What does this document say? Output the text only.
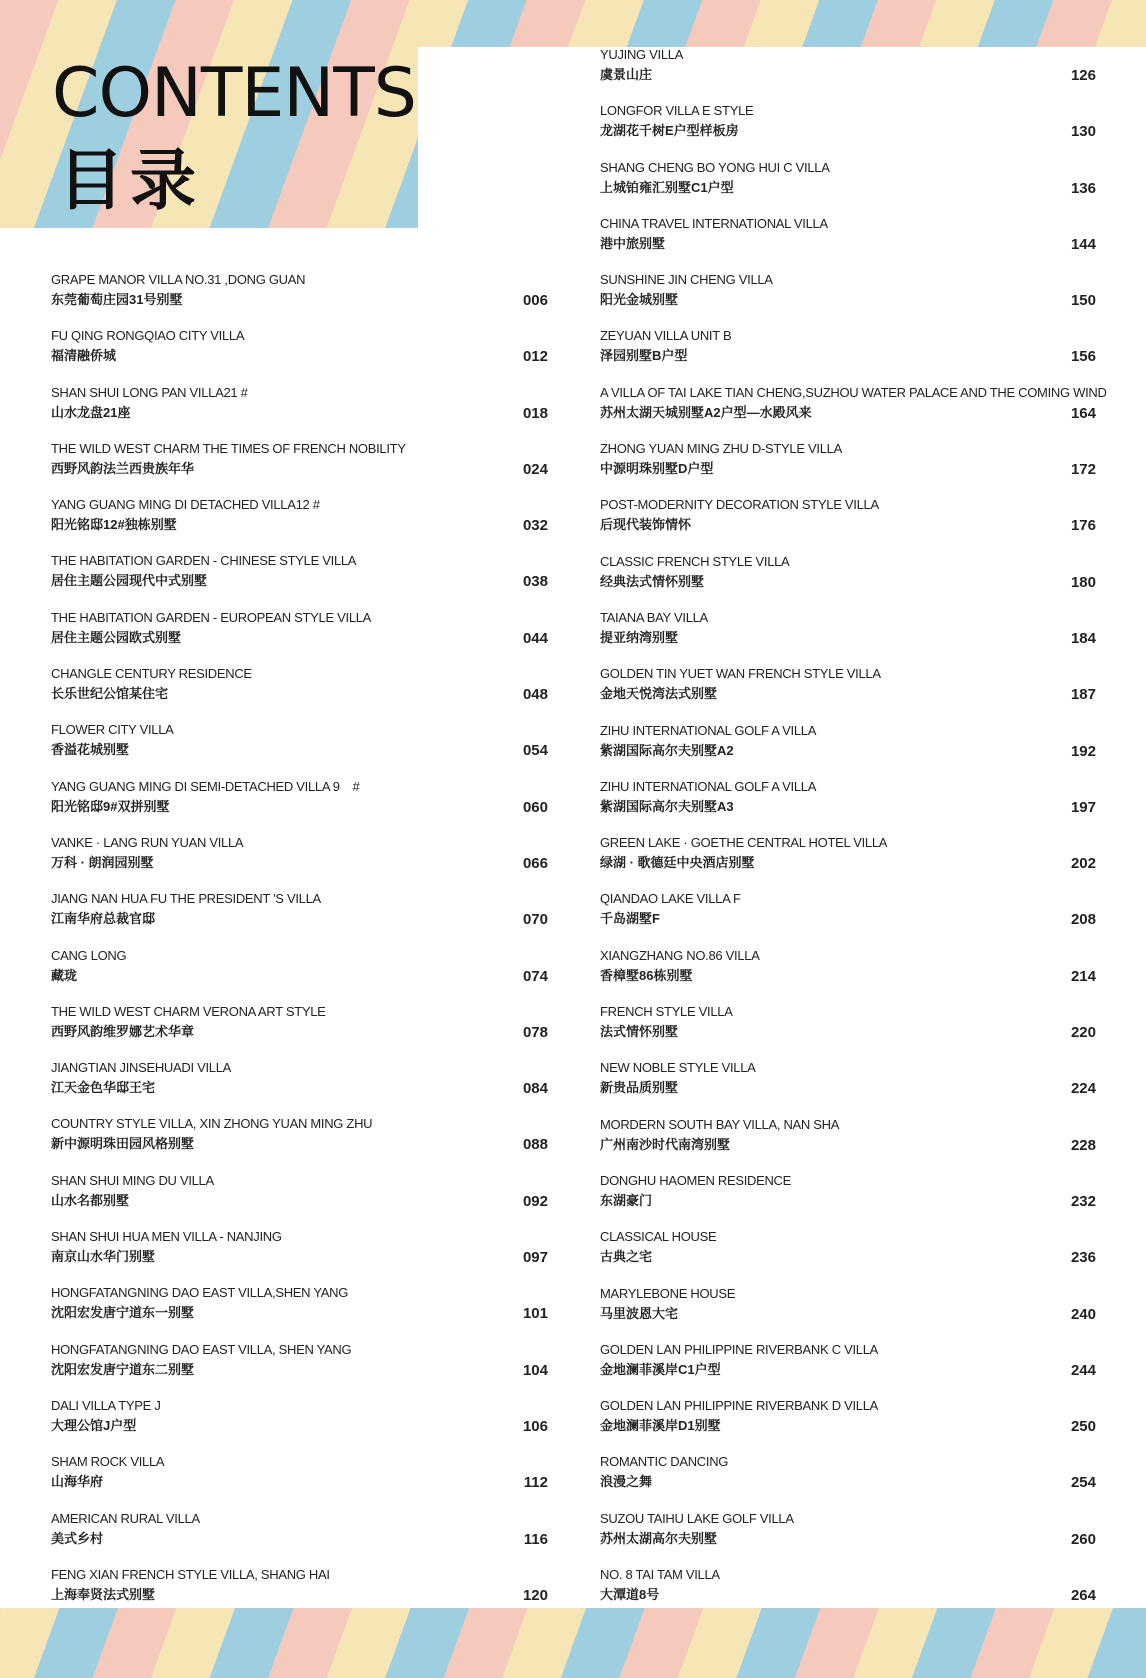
CONTENTS
目录
GRAPE MANOR VILLA NO.31 ,DONG GUAN
东莞葡萄庄园31号别墅	006
FU QING RONGQIAO CITY VILLA
福清融侨城	012
SHAN SHUI LONG PAN VILLA21 #
山水龙盘21座	018
THE WILD WEST CHARM THE TIMES OF FRENCH NOBILITY
西野风韵法兰西贵族年华	024
YANG GUANG MING DI DETACHED VILLA12 #
阳光铭邸12#独栋别墅	032
THE HABITATION GARDEN - CHINESE STYLE VILLA
居住主题公园现代中式别墅	038
THE HABITATION GARDEN - EUROPEAN STYLE VILLA
居住主题公园欧式别墅	044
CHANGLE CENTURY RESIDENCE
长乐世纪公馆某住宅	048
FLOWER CITY VILLA
香溢花城别墅	054
YANG GUANG MING DI SEMI-DETACHED VILLA 9　#
阳光铭邸9#双拼别墅	060
VANKE · LANG RUN YUAN VILLA
万科 · 朗润园别墅	066
JIANG NAN HUA FU THE PRESIDENT 'S VILLA
江南华府总裁官邸	070
CANG LONG
藏珑	074
THE WILD WEST CHARM VERONA ART STYLE
西野风韵维罗娜艺术华章	078
JIANGTIAN JINSEHUADI VILLA
江天金色华邸王宅	084
COUNTRY STYLE VILLA, XIN ZHONG YUAN MING ZHU
新中源明珠田园风格别墅	088
SHAN SHUI MING DU VILLA
山水名都别墅	092
SHAN SHUI HUA MEN VILLA - NANJING
南京山水华门别墅	097
HONGFATANGNING DAO EAST VILLA,SHEN YANG
沈阳宏发唐宁道东一别墅	101
HONGFATANGNING DAO EAST VILLA, SHEN YANG
沈阳宏发唐宁道东二别墅	104
DALI VILLA TYPE J
大理公馆J户型	106
SHAM ROCK VILLA
山海华府	112
AMERICAN RURAL VILLA
美式乡村	116
FENG XIAN FRENCH STYLE VILLA, SHANG HAI
上海奉贤法式别墅	120
YUJING VILLA
虞景山庄	126
LONGFOR VILLA E STYLE
龙湖花千树E户型样板房	130
SHANG CHENG BO YONG HUI C VILLA
上城铂雍汇别墅C1户型	136
CHINA TRAVEL INTERNATIONAL VILLA
港中旅别墅	144
SUNSHINE JIN CHENG VILLA
阳光金城别墅	150
ZEYUAN VILLA UNIT B
泽园别墅B户型	156
A VILLA OF TAI LAKE TIAN CHENG,SUZHOU WATER PALACE AND THE COMING WIND
苏州太湖天城别墅A2户型—水殿风来	164
ZHONG YUAN MING ZHU D-STYLE VILLA
中源明珠别墅D户型	172
POST-MODERNITY DECORATION STYLE VILLA
后现代装饰情怀	176
CLASSIC FRENCH STYLE VILLA
经典法式情怀别墅	180
TAIANA BAY VILLA
提亚纳湾别墅	184
GOLDEN TIN YUET WAN FRENCH STYLE VILLA
金地天悦湾法式别墅	187
ZIHU INTERNATIONAL GOLF A VILLA
紫湖国际高尔夫别墅A2	192
ZIHU INTERNATIONAL GOLF A VILLA
紫湖国际高尔夫别墅A3	197
GREEN LAKE · GOETHE CENTRAL HOTEL VILLA
绿湖 · 歌德廷中央酒店别墅	202
QIANDAO LAKE VILLA F
千岛湖墅F	208
XIANGZHANG NO.86 VILLA
香樟墅86栋别墅	214
FRENCH STYLE VILLA
法式情怀别墅	220
NEW NOBLE STYLE VILLA
新贵品质别墅	224
MORDERN SOUTH BAY VILLA, NAN SHA
广州南沙时代南湾别墅	228
DONGHU HAOMEN RESIDENCE
东湖豪门	232
CLASSICAL HOUSE
古典之宅	236
MARYLEBONE HOUSE
马里波恩大宅	240
GOLDEN LAN PHILIPPINE RIVERBANK C VILLA
金地澜菲溪岸C1户型	244
GOLDEN LAN PHILIPPINE RIVERBANK D VILLA
金地澜菲溪岸D1别墅	250
ROMANTIC DANCING
浪漫之舞	254
SUZOU TAIHU LAKE GOLF VILLA
苏州太湖高尔夫别墅	260
NO. 8 TAI TAM VILLA
大潭道8号	264
